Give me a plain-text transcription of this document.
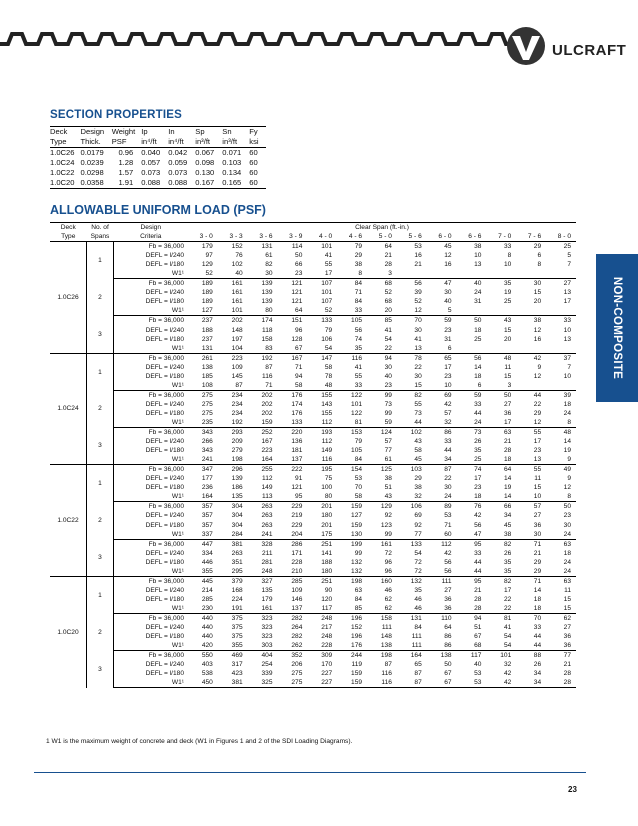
ULCRAFT
SECTION PROPERTIES
Deck	Design	Weight	Ip	In	Sp	Sn	Fy
Type	Thick.	PSF	in⁴/ft	in⁴/ft	in³/ft	in³/ft	ksi
1.0C26	0.0179	0.96	0.040	0.042	0.067	0.071	60
1.0C24	0.0239	1.28	0.057	0.059	0.098	0.103	60
1.0C22	0.0298	1.57	0.073	0.073	0.130	0.134	60
1.0C20	0.0358	1.91	0.088	0.088	0.167	0.165	60
ALLOWABLE UNIFORM LOAD (PSF)
Deck	No. of	Design	Clear Span (ft.-in.)												
Type	Spans	Criteria	3 - 0	3 - 3	3 - 6	3 - 9	4 - 0	4 - 6	5 - 0	5 - 6	6 - 0	6 - 6	7 - 0	7 - 6	8 - 0
1.0C26	1	Fb = 36,000	179	152	131	114	101	79	64	53	45	38	33	29	25
		DEFL = l/240	97	76	61	50	41	29	21	16	12	10	8	6	5
		DEFL = l/180	129	102	82	66	55	38	28	21	16	13	10	8	7
		W1¹	52	40	30	23	17	8	3						
	2	Fb = 36,000	189	161	139	121	107	84	68	56	47	40	35	30	27
		DEFL = l/240	189	161	139	121	101	71	52	39	30	24	19	15	13
		DEFL = l/180	189	161	139	121	107	84	68	52	40	31	25	20	17
		W1¹	127	101	80	64	52	33	20	12	5				
	3	Fb = 36,000	237	202	174	151	133	105	85	70	59	50	43	38	33
		DEFL = l/240	188	148	118	96	79	56	41	30	23	18	15	12	10
		DEFL = l/180	237	197	158	128	106	74	54	41	31	25	20	16	13
		W1¹	131	104	83	67	54	35	22	13	6				
1.0C24	1	Fb = 36,000	261	223	192	167	147	116	94	78	65	56	48	42	37
		DEFL = l/240	138	109	87	71	58	41	30	22	17	14	11	9	7
		DEFL = l/180	185	145	116	94	78	55	40	30	23	18	15	12	10
		W1¹	108	87	71	58	48	33	23	15	10	6	3		
	2	Fb = 36,000	275	234	202	176	155	122	99	82	69	59	50	44	39
		DEFL = l/240	275	234	202	174	143	101	73	55	42	33	27	22	18
		DEFL = l/180	275	234	202	176	155	122	99	73	57	44	36	29	24
		W1¹	235	192	159	133	112	81	59	44	32	24	17	12	8
	3	Fb = 36,000	343	293	252	220	193	153	124	102	86	73	63	55	48
		DEFL = l/240	266	209	167	136	112	79	57	43	33	26	21	17	14
		DEFL = l/180	343	279	223	181	149	105	77	58	44	35	28	23	19
		W1¹	241	198	164	137	116	84	61	45	34	25	18	13	9
1.0C22	1	Fb = 36,000	347	296	255	222	195	154	125	103	87	74	64	55	49
		DEFL = l/240	177	139	112	91	75	53	38	29	22	17	14	11	9
		DEFL = l/180	236	186	149	121	100	70	51	38	30	23	19	15	12
		W1¹	164	135	113	95	80	58	43	32	24	18	14	10	8
	2	Fb = 36,000	357	304	263	229	201	159	129	106	89	76	66	57	50
		DEFL = l/240	357	304	263	219	180	127	92	69	53	42	34	27	23
		DEFL = l/180	357	304	263	229	201	159	123	92	71	56	45	36	30
		W1¹	337	284	241	204	175	130	99	77	60	47	38	30	24
	3	Fb = 36,000	447	381	328	286	251	199	161	133	112	95	82	71	63
		DEFL = l/240	334	263	211	171	141	99	72	54	42	33	26	21	18
		DEFL = l/180	446	351	281	228	188	132	96	72	56	44	35	29	24
		W1¹	355	295	248	210	180	132	96	72	56	44	35	29	24
1.0C20	1	Fb = 36,000	445	379	327	285	251	198	160	132	111	95	82	71	63
		DEFL = l/240	214	168	135	109	90	63	46	35	27	21	17	14	11
		DEFL = l/180	285	224	179	146	120	84	62	46	36	28	22	18	15
		W1¹	230	191	161	137	117	85	62	46	36	28	22	18	15
	2	Fb = 36,000	440	375	323	282	248	196	158	131	110	94	81	70	62
		DEFL = l/240	440	375	323	264	217	152	111	84	64	51	41	33	27
		DEFL = l/180	440	375	323	282	248	196	148	111	86	67	54	44	36
		W1¹	420	355	303	262	228	176	138	111	86	68	54	44	36
	3	Fb = 36,000	550	469	404	352	309	244	198	164	138	117	101	88	77
		DEFL = l/240	403	317	254	206	170	119	87	65	50	40	32	26	21
		DEFL = l/180	538	423	339	275	227	159	116	87	67	53	42	34	28
		W1¹	450	381	325	275	227	159	116	87	67	53	42	34	28
1 W1 is the maximum weight of concrete and deck (W1 in Figures 1 and 2 of the SDI Loading Diagrams).
NON-COMPOSITE
23
